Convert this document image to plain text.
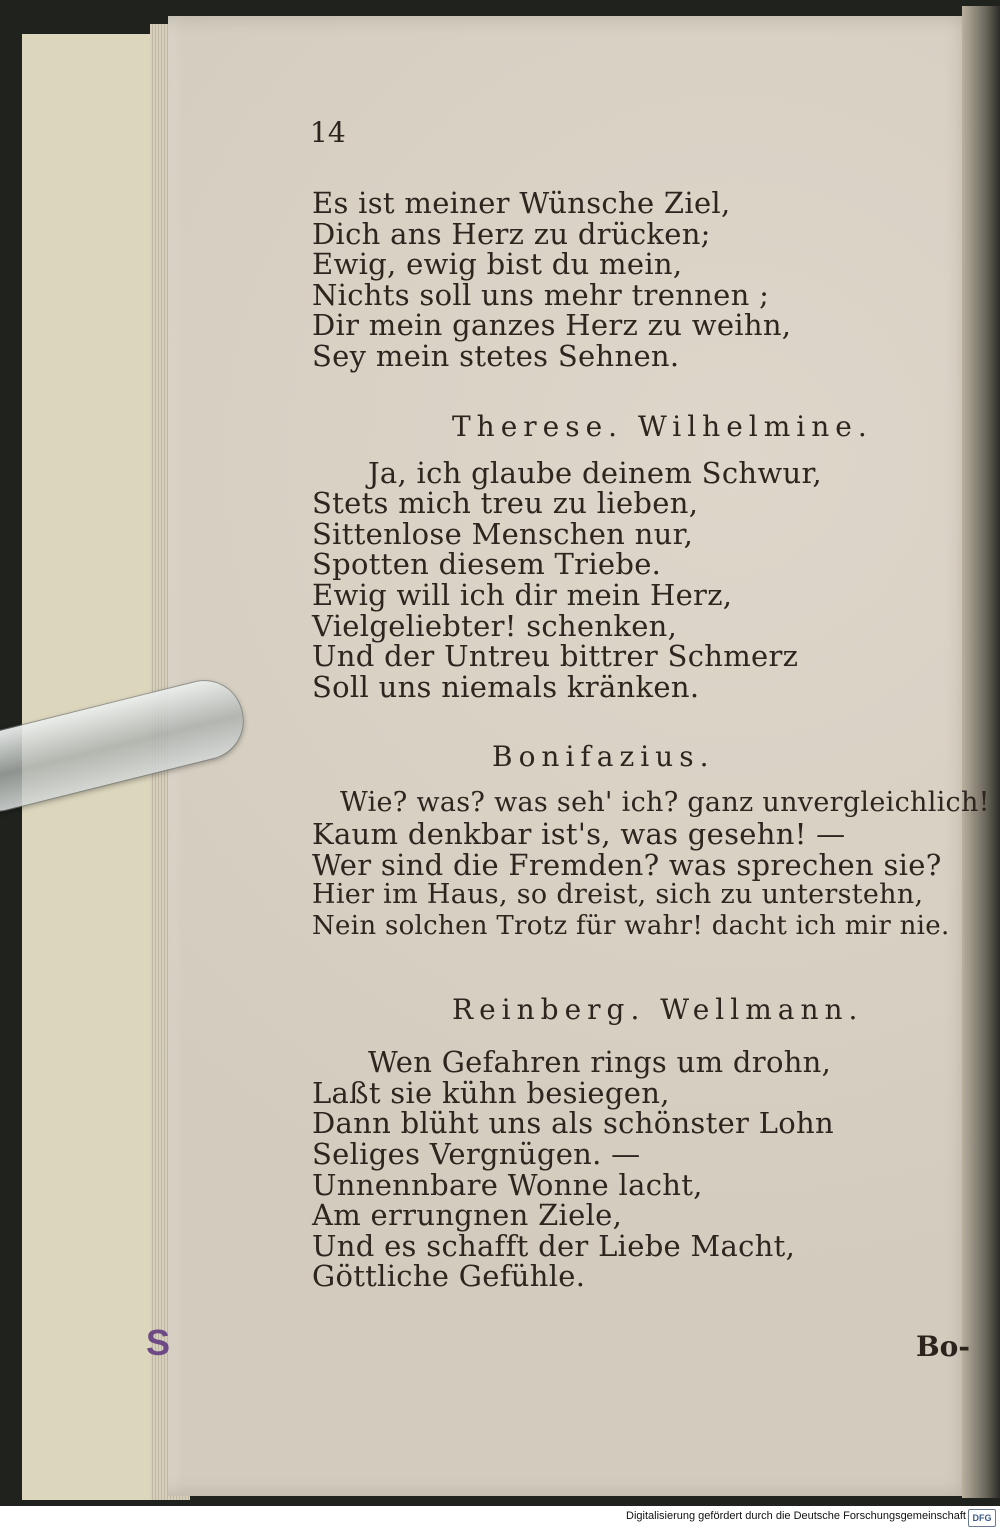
14
Es ist meiner Wünsche Ziel,
Dich ans Herz zu drücken;
Ewig, ewig bist du mein,
Nichts soll uns mehr trennen ;
Dir mein ganzes Herz zu weihn,
Sey mein stetes Sehnen.
Therese. Wilhelmine.
Ja, ich glaube deinem Schwur,
Stets mich treu zu lieben,
Sittenlose Menschen nur,
Spotten diesem Triebe.
Ewig will ich dir mein Herz,
Vielgeliebter! schenken,
Und der Untreu bittrer Schmerz
Soll uns niemals kränken.
Bonifazius.
Wie? was? was seh' ich? ganz unvergleichlich!
Kaum denkbar ist's, was gesehn! —
Wer sind die Fremden? was sprechen sie?
Hier im Haus, so dreist, sich zu unterstehn,
Nein solchen Trotz für wahr! dacht ich mir nie.
Reinberg. Wellmann.
Wen Gefahren rings um drohn,
Laßt sie kühn besiegen,
Dann blüht uns als schönster Lohn
Seliges Vergnügen. —
Unnennbare Wonne lacht,
Am errungnen Ziele,
Und es schafft der Liebe Macht,
Göttliche Gefühle.
Bo-
S
Digitalisierung gefördert durch die Deutsche Forschungsgemeinschaft DFG
